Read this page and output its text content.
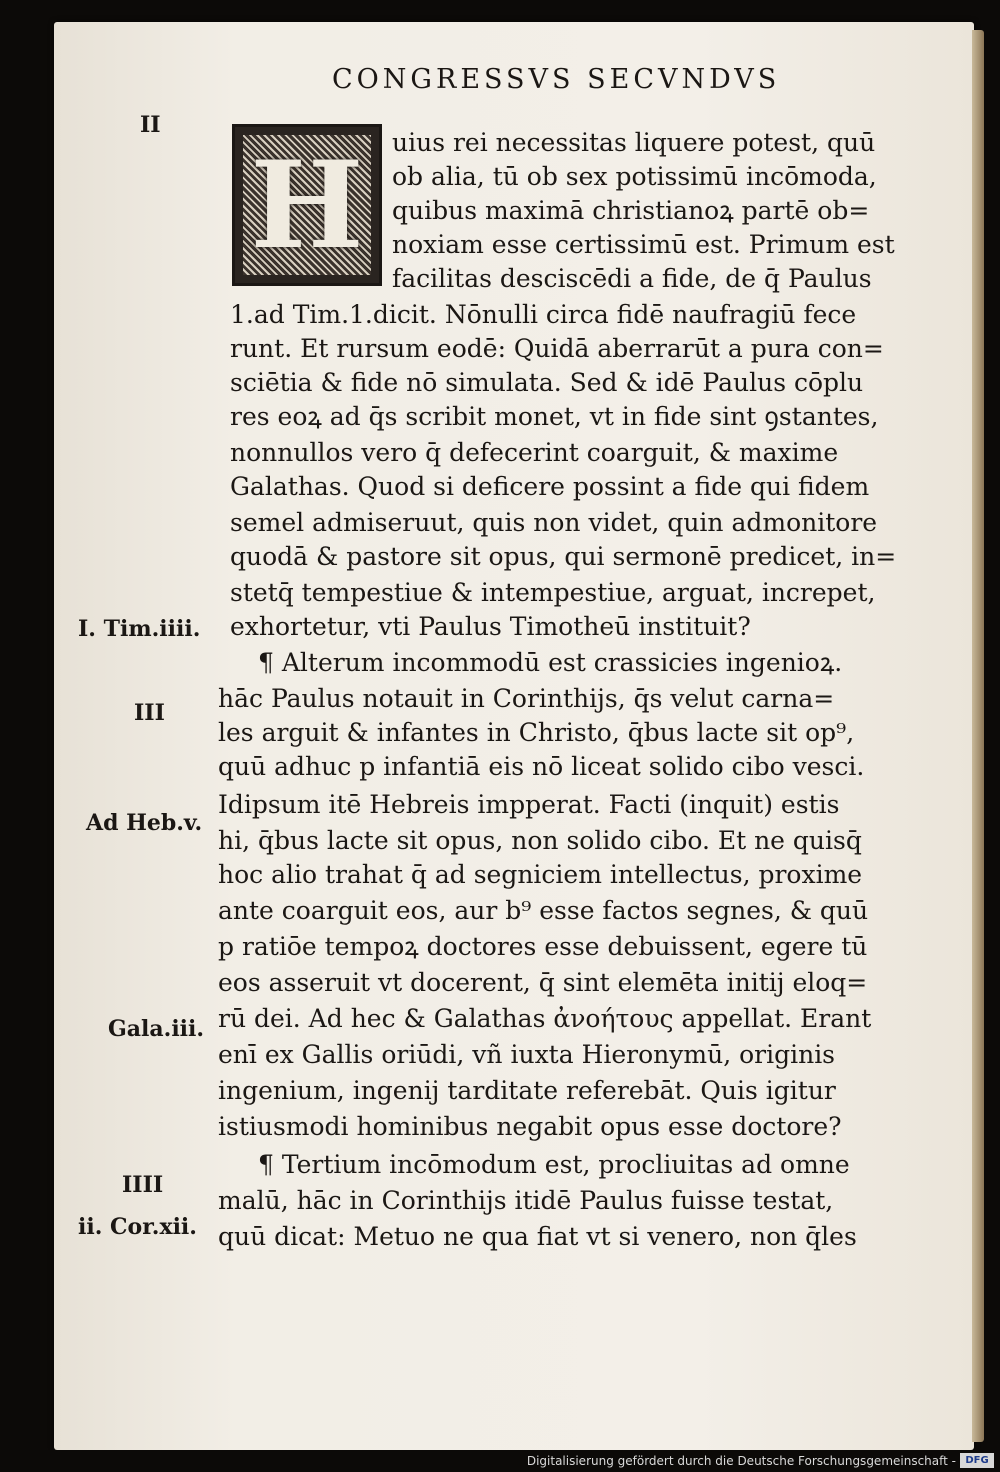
CONGRESSVS SECVNDVS
H
II
I. Tim.iiii.
III
Ad Heb.v.
Gala.iii.
IIII
ii. Cor.xii.
uius rei necessitas liquere potest, quū
ob alia, tū ob sex potissimū incōmoda,
quibus maximā christianoꝝ partē ob=
noxiam esse certissimū est. Primum est
facilitas desciscēdi a fide, de q̄ Paulus
1.ad Tim.1.dicit. Nōnulli circa fidē naufragiū fece
runt. Et rursum eodē: Quidā aberrarūt a pura con=
sciētia & fide nō simulata. Sed & idē Paulus cōplu
res eoꝝ ad q̄s scribit monet, vt in fide sint ꝯstantes,
nonnullos vero q̄ defecerint coarguit, & maxime
Galathas. Quod si deficere possint a fide qui fidem
semel admiseruut, quis non videt, quin admonitore
quodā & pastore sit opus, qui sermonē predicet, in=
stetq̄ tempestiue & intempestiue, arguat, increpet,
exhortetur, vti Paulus Timotheū instituit?
¶ Alterum incommodū est crassicies ingenioꝝ.
hāc Paulus notauit in Corinthijs, q̄s velut carna=
les arguit & infantes in Christo, q̄bus lacte sit op⁹,
quū adhuc p infantiā eis nō liceat solido cibo vesci.
Idipsum itē Hebreis impperat. Facti (inquit) estis
hi, q̄bus lacte sit opus, non solido cibo. Et ne quisq̄
hoc alio trahat q̄ ad segniciem intellectus, proxime
ante coarguit eos, aur b⁹ esse factos segnes, & quū
p ratiōe tempoꝝ doctores esse debuissent, egere tū
eos asseruit vt docerent, q̄ sint elemēta initij eloq=
rū dei. Ad hec & Galathas ἀνοήτους appellat. Erant
enī ex Gallis oriūdi, vñ iuxta Hieronymū, originis
ingenium, ingenij tarditate referebāt. Quis igitur
istiusmodi hominibus negabit opus esse doctore?
¶ Tertium incōmodum est, procliuitas ad omne
malū, hāc in Corinthijs itidē Paulus fuisse testat,
quū dicat: Metuo ne qua fiat vt si venero, non q̄les
Digitalisierung gefördert durch die Deutsche Forschungsgemeinschaft - DFG
